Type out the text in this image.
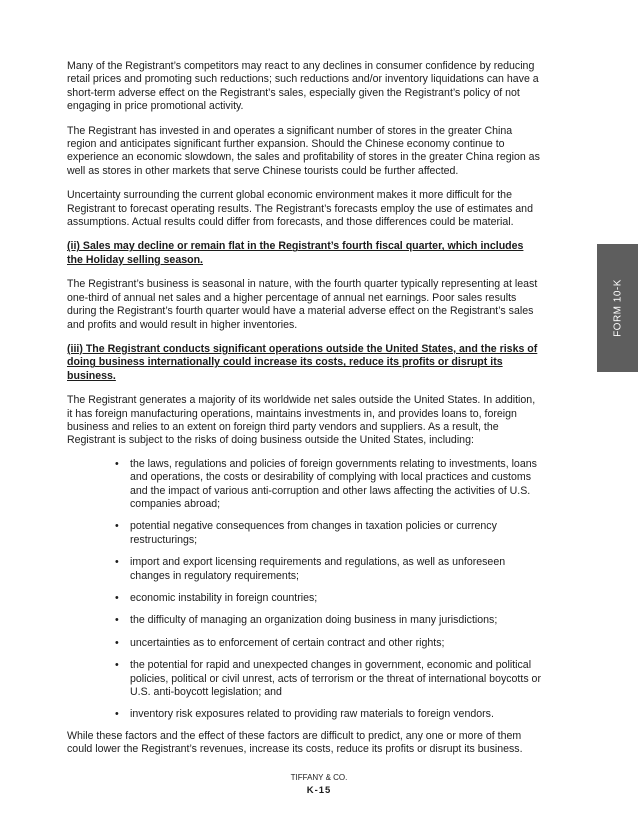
Many of the Registrant’s competitors may react to any declines in consumer confidence by reducing retail prices and promoting such reductions; such reductions and/or inventory liquidations can have a short-term adverse effect on the Registrant’s sales, especially given the Registrant’s policy of not engaging in price promotional activity.

The Registrant has invested in and operates a significant number of stores in the greater China region and anticipates significant further expansion. Should the Chinese economy continue to experience an economic slowdown, the sales and profitability of stores in the greater China region as well as stores in other markets that serve Chinese tourists could be further affected.

Uncertainty surrounding the current global economic environment makes it more difficult for the Registrant to forecast operating results. The Registrant’s forecasts employ the use of estimates and assumptions. Actual results could differ from forecasts, and those differences could be material.

(ii) Sales may decline or remain flat in the Registrant’s fourth fiscal quarter, which includes the Holiday selling season.

The Registrant’s business is seasonal in nature, with the fourth quarter typically representing at least one-third of annual net sales and a higher percentage of annual net earnings. Poor sales results during the Registrant’s fourth quarter would have a material adverse effect on the Registrant’s sales and profits and would result in higher inventories.

(iii) The Registrant conducts significant operations outside the United States, and the risks of doing business internationally could increase its costs, reduce its profits or disrupt its business.

The Registrant generates a majority of its worldwide net sales outside the United States. In addition, it has foreign manufacturing operations, maintains investments in, and provides loans to, foreign business and relies to an extent on foreign third party vendors and suppliers. As a result, the Registrant is subject to the risks of doing business outside the United States, including:

• the laws, regulations and policies of foreign governments relating to investments, loans and operations, the costs or desirability of complying with local practices and customs and the impact of various anti-corruption and other laws affecting the activities of U.S. companies abroad;
• potential negative consequences from changes in taxation policies or currency restructurings;
• import and export licensing requirements and regulations, as well as unforeseen changes in regulatory requirements;
• economic instability in foreign countries;
• the difficulty of managing an organization doing business in many jurisdictions;
• uncertainties as to enforcement of certain contract and other rights;
• the potential for rapid and unexpected changes in government, economic and political policies, political or civil unrest, acts of terrorism or the threat of international boycotts or U.S. anti-boycott legislation; and
• inventory risk exposures related to providing raw materials to foreign vendors.

While these factors and the effect of these factors are difficult to predict, any one or more of them could lower the Registrant’s revenues, increase its costs, reduce its profits or disrupt its business.

FORM 10-K
TIFFANY & CO.
K-15
